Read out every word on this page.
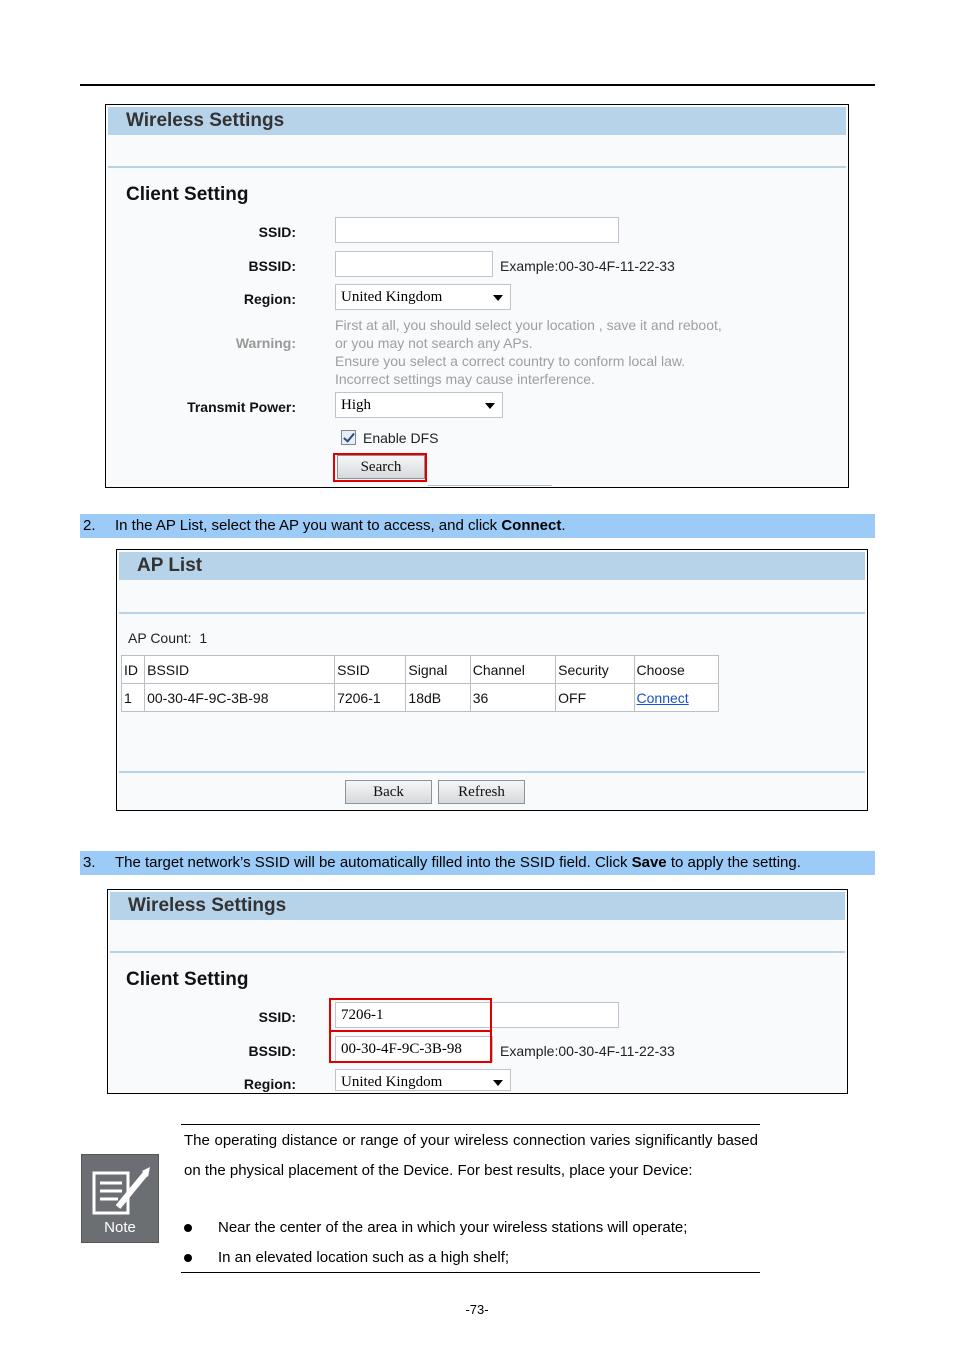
Wireless Settings
Client Setting
SSID:
BSSID:	Example:00-30-4F-11-22-33
Region:	United Kingdom
Warning:
First at all, you should select your location , save it and reboot,
or you may not search any APs.
Ensure you select a correct country to conform local law.
Incorrect settings may cause interference.
Transmit Power:	High
Enable DFS
Search
2. In the AP List, select the AP you want to access, and click Connect.
AP List
AP Count: 1
ID	BSSID	SSID	Signal	Channel	Security	Choose
1	00-30-4F-9C-3B-98	7206-1	18dB	36	OFF	Connect
Back	Refresh
3. The target network’s SSID will be automatically filled into the SSID field. Click Save to apply the setting.
Wireless Settings
Client Setting
SSID:	7206-1
BSSID:	00-30-4F-9C-3B-98	Example:00-30-4F-11-22-33
Region:	United Kingdom
Note
The operating distance or range of your wireless connection varies significantly based on the physical placement of the Device. For best results, place your Device:
Near the center of the area in which your wireless stations will operate;
In an elevated location such as a high shelf;
-73-
